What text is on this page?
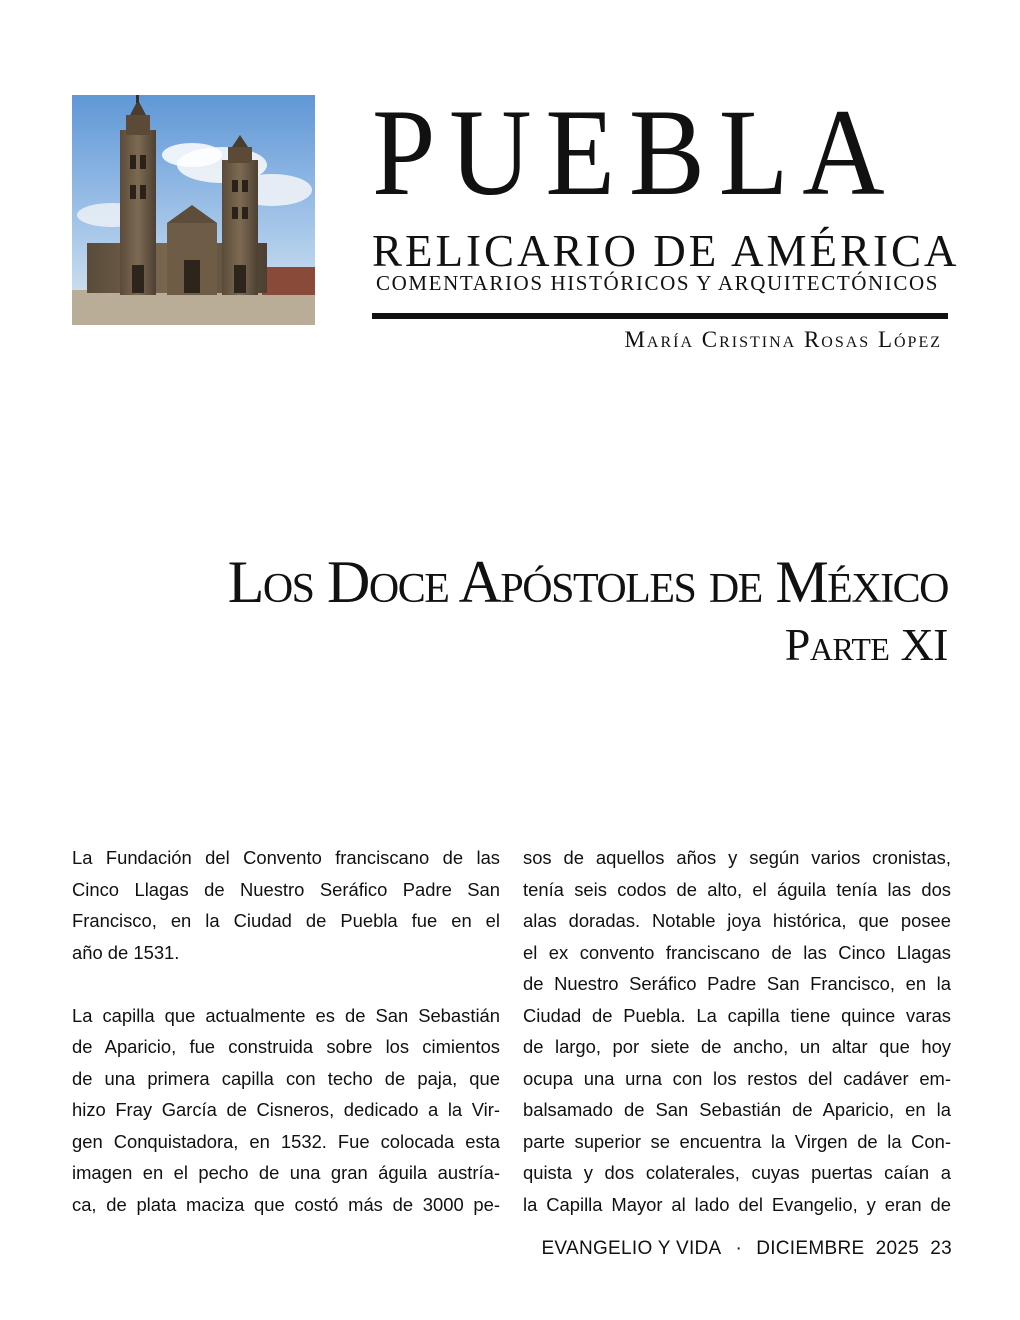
PUEBLA
RELICARIO DE AMÉRICA
COMENTARIOS HISTÓRICOS Y ARQUITECTÓNICOS
María Cristina Rosas López
Los Doce Apóstoles de México
Parte XI
La Fundación del Convento franciscano de las
Cinco Llagas de Nuestro Seráfico Padre San
Francisco, en la Ciudad de Puebla fue en el
año de 1531.
La capilla que actualmente es de San Sebastián
de Aparicio, fue construida sobre los cimientos
de una primera capilla con techo de paja, que
hizo Fray García de Cisneros, dedicado a la Vir-
gen Conquistadora, en 1532. Fue colocada esta
imagen en el pecho de una gran águila austría-
ca, de plata maciza que costó más de 3000 pe-
sos de aquellos años y según varios cronistas,
tenía seis codos de alto, el águila tenía las dos
alas doradas. Notable joya histórica, que posee
el ex convento franciscano de las Cinco Llagas
de Nuestro Seráfico Padre San Francisco, en la
Ciudad de Puebla. La capilla tiene quince varas
de largo, por siete de ancho, un altar que hoy
ocupa una urna con los restos del cadáver em-
balsamado de San Sebastián de Aparicio, en la
parte superior se encuentra la Virgen de la Con-
quista y dos colaterales, cuyas puertas caían a
la Capilla Mayor al lado del Evangelio, y eran de
EVANGELIO Y VIDA · DICIEMBRE  2025 23
